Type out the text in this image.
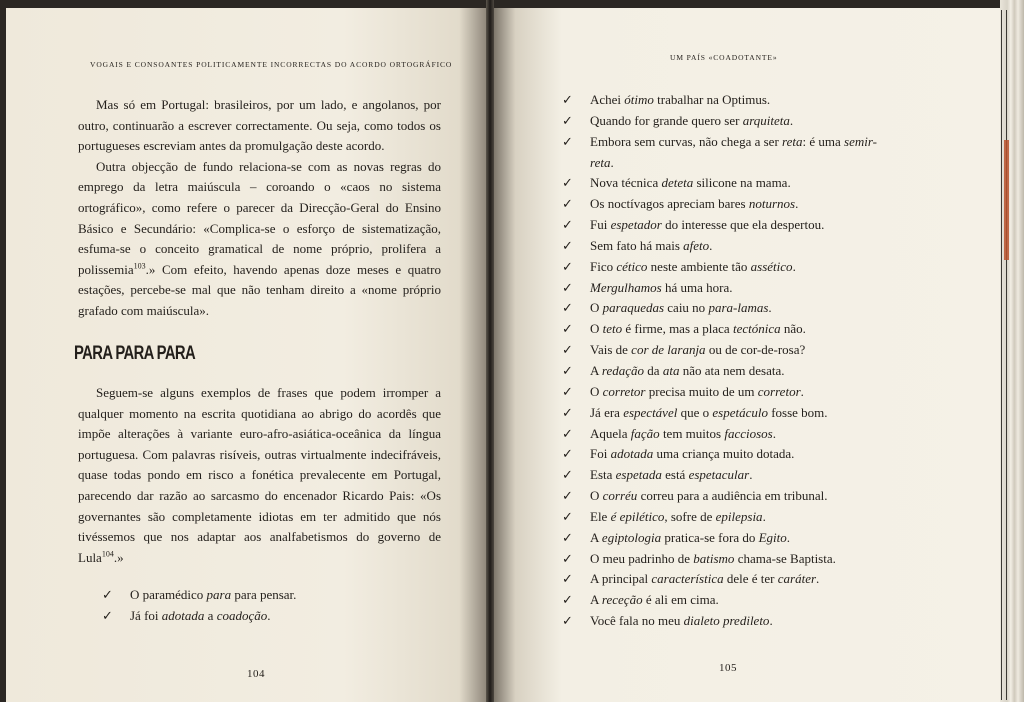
VOGAIS E CONSOANTES POLITICAMENTE INCORRECTAS DO ACORDO ORTOGRÁFICO

Mas só em Portugal: brasileiros, por um lado, e angolanos, por outro, continuarão a escrever correctamente. Ou seja, como todos os portugueses escreviam antes da promulgação deste acordo.

Outra objecção de fundo relaciona-se com as novas regras do emprego da letra maiúscula – coroando o «caos no sistema ortográfico», como refere o parecer da Direcção-Geral do Ensino Básico e Secundário: «Complica-se o esforço de sistematização, esfuma-se o conceito gramatical de nome próprio, prolifera a polissemia$^{103}$.» Com efeito, havendo apenas doze meses e quatro estações, percebe-se mal que não tenham direito a «nome próprio grafado com maiúscula».

PARA PARA PARA

Seguem-se alguns exemplos de frases que podem irromper a qualquer momento na escrita quotidiana ao abrigo do acordês que impõe alterações à variante euro-afro-asiática-oceânica da língua portuguesa. Com palavras risíveis, outras virtualmente indecifráveis, quase todas pondo em risco a fonética prevalecente em Portugal, parecendo dar razão ao sarcasmo do encenador Ricardo Pais: «Os governantes são completamente idiotas em ter admitido que nós tivéssemos que nos adaptar aos analfabetismos do governo de Lula$^{104}$.»

✓ O paramédico para para pensar.
✓ Já foi adotada a coadoção.
104
UM PAÍS «COADOTANTE»
✓ Achei ótimo trabalhar na Optimus.
✓ Quando for grande quero ser arquiteta.
✓ Embora sem curvas, não chega a ser reta: é uma semir-
reta.
✓ Nova técnica deteta silicone na mama.
✓ Os noctívagos apreciam bares noturnos.
✓ Fui espetador do interesse que ela despertou.
✓ Sem fato há mais afeto.
✓ Fico cético neste ambiente tão assético.
✓ Mergulhamos há uma hora.
✓ O paraquedas caiu no para-lamas.
✓ O teto é firme, mas a placa tectónica não.
✓ Vais de cor de laranja ou de cor-de-rosa?
✓ A redação da ata não ata nem desata.
✓ O corretor precisa muito de um corretor.
✓ Já era espectável que o espetáculo fosse bom.
✓ Aquela fação tem muitos facciosos.
✓ Foi adotada uma criança muito dotada.
✓ Esta espetada está espetacular.
✓ O corréu correu para a audiência em tribunal.
✓ Ele é epilético, sofre de epilepsia.
✓ A egiptologia pratica-se fora do Egito.
✓ O meu padrinho de batismo chama-se Baptista.
✓ A principal característica dele é ter caráter.
✓ A receção é ali em cima.
✓ Você fala no meu dialeto predileto.
105
